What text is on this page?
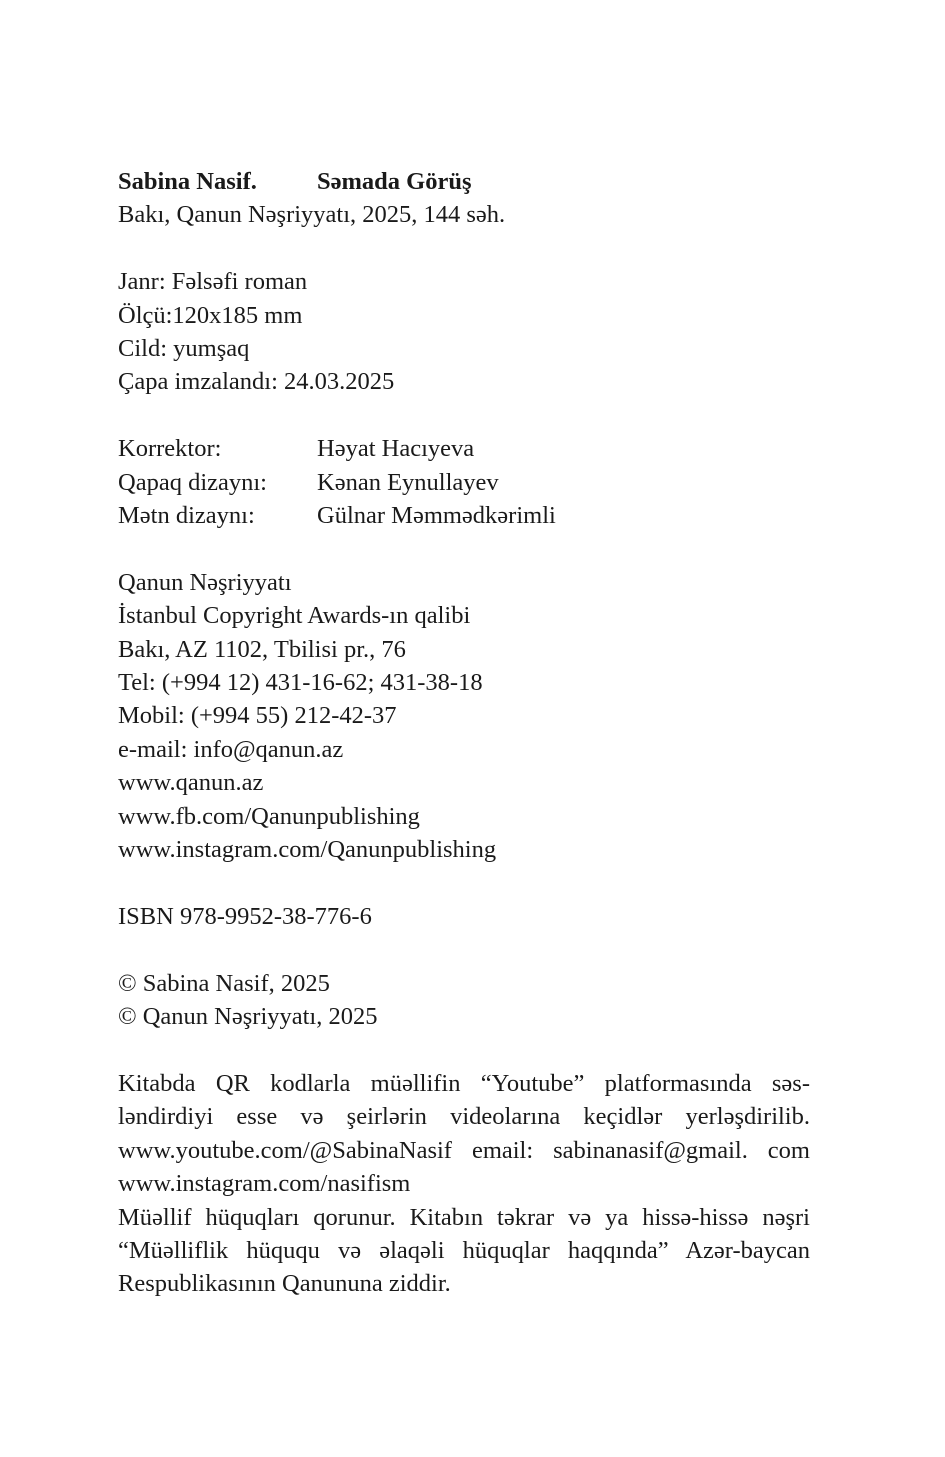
Sabina Nasif. Səmada Görüş
Bakı, Qanun Nəşriyyatı, 2025, 144 səh.
Janr: Fəlsəfi roman
Ölçü:120x185 mm
Cild: yumşaq
Çapa imzalandı: 24.03.2025
Korrektor:	Həyat Hacıyeva
Qapaq dizaynı: Kənan Eynullayev
Mətn dizaynı:	Gülnar Məmmədkərimli
Qanun Nəşriyyatı
İstanbul Copyright Awards-ın qalibi
Bakı, AZ 1102, Tbilisi pr., 76
Tel: (+994 12) 431-16-62; 431-38-18
Mobil: (+994 55) 212-42-37
e-mail: info@qanun.az
www.qanun.az
www.fb.com/Qanunpublishing
www.instagram.com/Qanunpublishing
ISBN 978-9952-38-776-6
© Sabina Nasif, 2025
© Qanun Nəşriyyatı, 2025
Kitabda QR kodlarla müəllifin “Youtube” platformasında səs-ləndirdiyi esse və şeirlərin videolarına keçidlər yerləşdirilib. www.youtube.com/@SabinaNasif email: sabinanasif@gmail. com www.instagram.com/nasifism
Müəllif hüquqları qorunur. Kitabın təkrar və ya hissə-hissə nəşri “Müəlliflik hüququ və əlaqəli hüquqlar haqqında” Azər-baycan Respublikasının Qanununa ziddir.
